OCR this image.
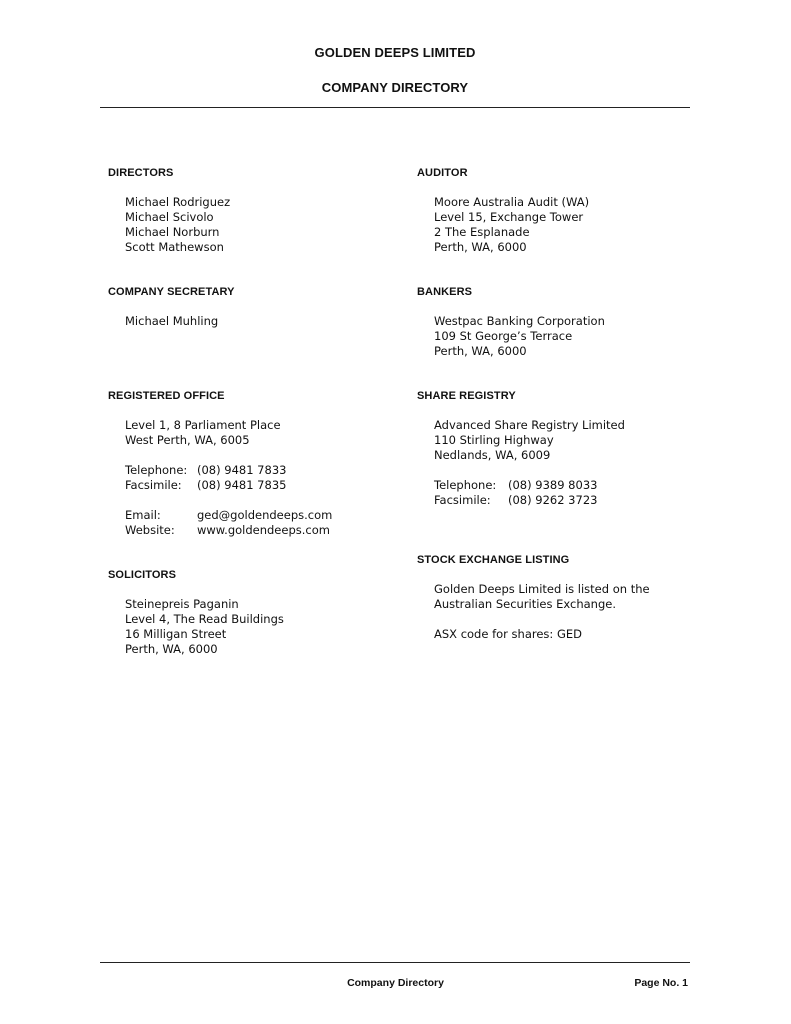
GOLDEN DEEPS LIMITED
COMPANY DIRECTORY
DIRECTORS
Michael Rodriguez
Michael Scivolo
Michael Norburn
Scott Mathewson
COMPANY SECRETARY
Michael Muhling
REGISTERED OFFICE
Level 1, 8 Parliament Place
West Perth, WA, 6005
Telephone: (08) 9481 7833
Facsimile:	(08) 9481 7835
Email:	ged@goldendeeps.com
Website:	www.goldendeeps.com
SOLICITORS
Steinepreis Paganin
Level 4, The Read Buildings
16 Milligan Street
Perth, WA, 6000
AUDITOR
Moore Australia Audit (WA)
Level 15, Exchange Tower
2 The Esplanade
Perth, WA, 6000
BANKERS
Westpac Banking Corporation
109 St George’s Terrace
Perth, WA, 6000
SHARE REGISTRY
Advanced Share Registry Limited
110 Stirling Highway
Nedlands, WA, 6009
Telephone:	(08) 9389 8033
Facsimile:	(08) 9262 3723
STOCK EXCHANGE LISTING
Golden Deeps Limited is listed on the
Australian Securities Exchange.
ASX code for shares: GED
Company Directory	Page No. 1
